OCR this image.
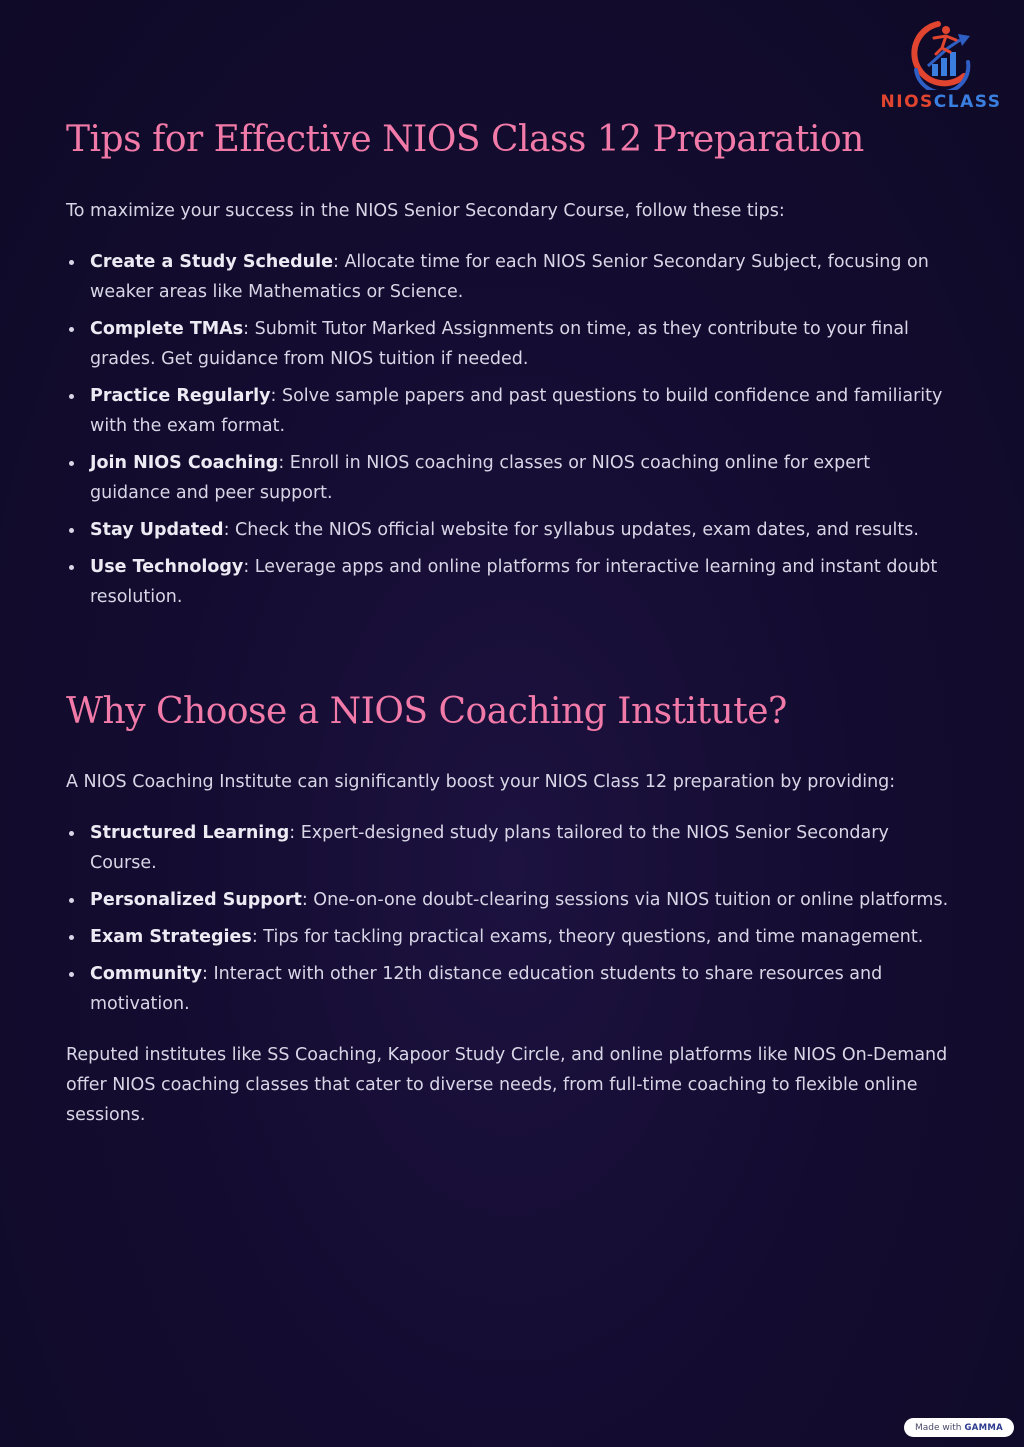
NIOSCLASS
Tips for Effective NIOS Class 12 Preparation

To maximize your success in the NIOS Senior Secondary Course, follow these tips:

Create a Study Schedule: Allocate time for each NIOS Senior Secondary Subject, focusing on weaker areas like Mathematics or Science.
Complete TMAs: Submit Tutor Marked Assignments on time, as they contribute to your final grades. Get guidance from NIOS tuition if needed.
Practice Regularly: Solve sample papers and past questions to build confidence and familiarity with the exam format.
Join NIOS Coaching: Enroll in NIOS coaching classes or NIOS coaching online for expert guidance and peer support.
Stay Updated: Check the NIOS official website for syllabus updates, exam dates, and results.
Use Technology: Leverage apps and online platforms for interactive learning and instant doubt resolution.
Why Choose a NIOS Coaching Institute?

A NIOS Coaching Institute can significantly boost your NIOS Class 12 preparation by providing:

Structured Learning: Expert-designed study plans tailored to the NIOS Senior Secondary Course.
Personalized Support: One-on-one doubt-clearing sessions via NIOS tuition or online platforms.
Exam Strategies: Tips for tackling practical exams, theory questions, and time management.
Community: Interact with other 12th distance education students to share resources and motivation.

Reputed institutes like SS Coaching, Kapoor Study Circle, and online platforms like NIOS On-Demand offer NIOS coaching classes that cater to diverse needs, from full-time coaching to flexible online sessions.

Made with GAMMA
